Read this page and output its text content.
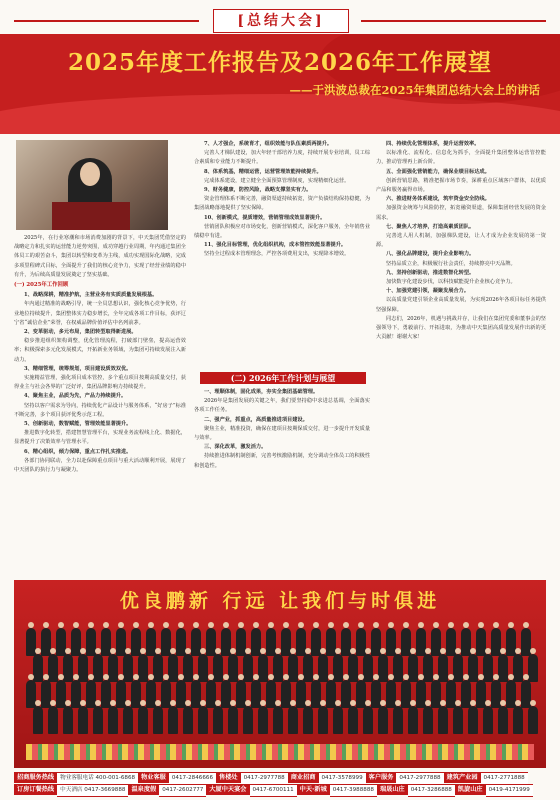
[总结大会]
2025年度工作报告及2026年工作展望
——于洪波总裁在2025年集团总结大会上的讲话

2025年，在行业寒潮和市场消费加剧的背景下，中天集团凭借坚定的战略定力和扎实的运营能力逆势突围，成功穿越行业周期，年内通过集团全体员工的艰苦奋斗，集团以转型和变革为主线，成功实现国际化战略，完成多项里程碑式目标，全面提升了我们的核心竞争力，实现了经营业绩的稳中有升，为后续高质量发展奠定了坚实基础。

(一) 2025年工作回顾

1、战略深耕，精准护航，主营业务有实质质量发展根基。

年内通过精准的战略引导，统一全员思想认识，强化核心竞争优势，行业地位持续提升，集团整体实力稳步增长，全年完成各项工作目标，获评辽宁省“诚信企业”荣誉，在权威品牌价值评估中名列前茅。

2、变革驱动，多元布局，集团转型取得新进展。

稳步推进组织架构调整，优化管理流程，打破部门壁垒，提高运营效率；积极探索多元化发展模式，开拓新业务领域，为集团可持续发展注入新动力。

3、精细管理，统筹规划，项目建设质效双优。

实施精益管理，强化项目成本管控，多个重点项目按期高质量交付，获得业主与社会各界的广泛好评，集团品牌影响力持续提升。

4、聚焦主业，品质为先，产品力持续提升。

坚持以客户需求为导向，持续优化产品设计与服务体系，“好房子”标准不断完善，多个项目获评优秀示范工程。

5、创新驱动，数智赋能，管理效能显著提升。

推进数字化转型，搭建智慧管理平台，实现业务流程线上化、数据化，显著提升了决策效率与管理水平。

6、精心组织，倾力保障，重点工作扎实推进。

各部门协同联动，全力以赴保障重点项目与重大活动顺利开展，展现了中天团队的执行力与凝聚力。

7、人才强企，系统育才，组织效能与队伍素质两提升。

完善人才梯队建设，加大年轻干部培养力度，持续开展专业培训，员工综合素质和专业能力不断提升。

8、体系筑基，精细运营，运营管理效能持续提升。

完成体系建设，建立健全全面预算管理制度，实现精细化运营。

9、财务健康，防控风险，战略支撑坚实有力。

资金管理体系不断完善，融资渠道持续拓宽，资产负债结构保持稳健，为集团战略落地提供了坚实保障。

10、创新模式，提质增效，营销管理成效显著提升。

营销团队积极应对市场变化，创新营销模式，深化客户服务，全年销售业绩稳中有进。

11、强化目标管理，优化组织机构，成本管控效能显著提升。

坚持全过程成本管理理念，严控各项费用支出，实现降本增效。

(二) 2026年工作计划与展望

一、理顺体制，固化成果，夯实全集团基础管理。

2026年是集团发展的关键之年，我们要坚持稳中求进总基调，全面落实各项工作任务。

二、强产业，抓重点，高质量推进项目建设。

聚焦主业，精准投资，确保在建项目按期保质交付，进一步提升开发质量与效率。

三、深化改革，激发活力。

持续推进体制机制创新，完善考核激励机制，充分调动全体员工的积极性和创造性。

四、持续优化管理体系，提升运营效率。

以标准化、流程化、信息化为抓手，全面提升集团整体运营管控能力，推动管理再上新台阶。

五、全面强化营销能力，确保业绩目标达成。

创新营销思路，精准把握市场节奏，深耕重点区域客户群体，以优质产品和服务赢得市场。

六、推进财务体系建设，筑牢资金安全防线。

加强资金统筹与风险防控，拓宽融资渠道，保障集团经营发展的资金需求。

七、聚焦人才培养，打造高素质团队。

完善选人用人机制，加强梯队建设，让人才成为企业发展的第一资源。

八、强化品牌建设，提升企业影响力。

坚持品质立企，积极履行社会责任，持续擦亮中天品牌。

九、坚持创新驱动，推进数智化转型。

加快数字化建设步伐，以科技赋能提升企业核心竞争力。

十、加强党建引领，凝聚发展合力。

以高质量党建引领企业高质量发展，为实现2026年各项目标任务提供坚强保障。

同志们，2026年，机遇与挑战并存，让我们在集团党委和董事会的坚强领导下，勇毅前行、开拓进取，为推动中天集团高质量发展作出新的更大贡献！谢谢大家！

优良鹏新 行远 让我们与时俱进
招商服务热线	物业客服电话 400-001-6868 物业客服	0417-2846666 售楼处	0417-2977788 商业招商	0417-3578999 客户服务	0417-2977888 建筑产业园	0417-2771888
订房订餐热线	中天酒店 0417-3669888 温泉度假	0417-2602777 大厦中天宴会	0417-6700111 中天·新城	0417-3988888 瑞晟山庄	0417-3286888 凯旋山庄	0419-4171999
